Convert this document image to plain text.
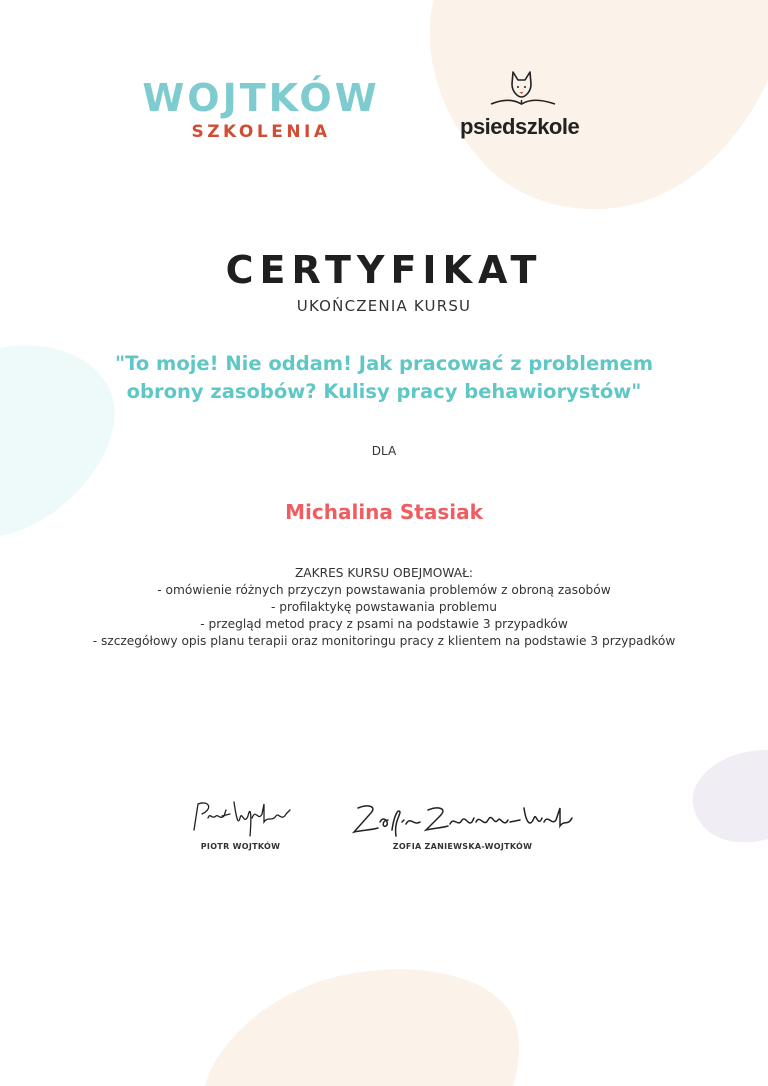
WOJTKÓW
SZKOLENIA	psiedszkole
CERTYFIKAT
UKOŃCZENIA KURSU
"To moje! Nie oddam! Jak pracować z problemem obrony zasobów? Kulisy pracy behawiorystów"
DLA
Michalina Stasiak
ZAKRES KURSU OBEJMOWAŁ:
- omówienie różnych przyczyn powstawania problemów z obroną zasobów
- profilaktykę powstawania problemu
- przegląd metod pracy z psami na podstawie 3 przypadków
- szczegółowy opis planu terapii oraz monitoringu pracy z klientem na podstawie 3 przypadków
PIOTR WOJTKÓW	ZOFIA ZANIEWSKA-WOJTKÓW
